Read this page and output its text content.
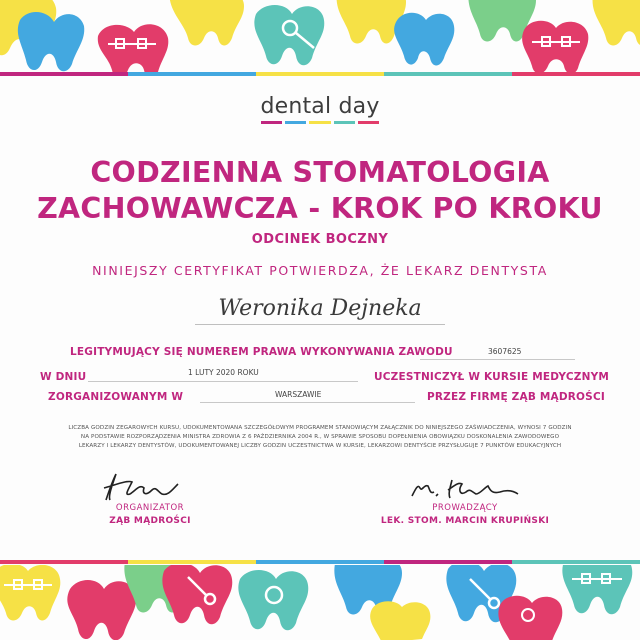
dental day
CODZIENNA STOMATOLOGIA
ZACHOWAWCZA - KROK PO KROKU
ODCINEK BOCZNY
NINIEJSZY CERTYFIKAT POTWIERDZA, ŻE LEKARZ DENTYSTA
Weronika Dejneka
LEGITYMUJĄCY SIĘ NUMEREM PRAWA WYKONYWANIA ZAWODU	3607625
W DNIU	1 LUTY 2020 ROKU	UCZESTNICZYŁ W KURSIE MEDYCZNYM
ZORGANIZOWANYM W	WARSZAWIE	PRZEZ FIRMĘ ZĄB MĄDROŚCI
LICZBA GODZIN ZEGAROWYCH KURSU, UDOKUMENTOWANA SZCZEGÓŁOWYM PROGRAMEM STANOWIĄCYM ZAŁĄCZNIK DO NINIEJSZEGO ZAŚWIADCZENIA, WYNOSI 7 GODZIN
NA PODSTAWIE ROZPORZĄDZENIA MINISTRA ZDROWIA Z 6 PAŹDZIERNIKA 2004 R., W SPRAWIE SPOSOBU DOPEŁNIENIA OBOWIĄZKU DOSKONALENIA ZAWODOWEGO
LEKARZY I LEKARZY DENTYSTÓW, UDOKUMENTOWANEJ LICZBY GODZIN UCZESTNICTWA W KURSIE, LEKARZOWI DENTYŚCIE PRZYSŁUGUJE 7 PUNKTÓW EDUKACYJNYCH
ORGANIZATOR
ZĄB MĄDROŚCI
PROWADZĄCY
LEK. STOM. MARCIN KRUPIŃSKI
